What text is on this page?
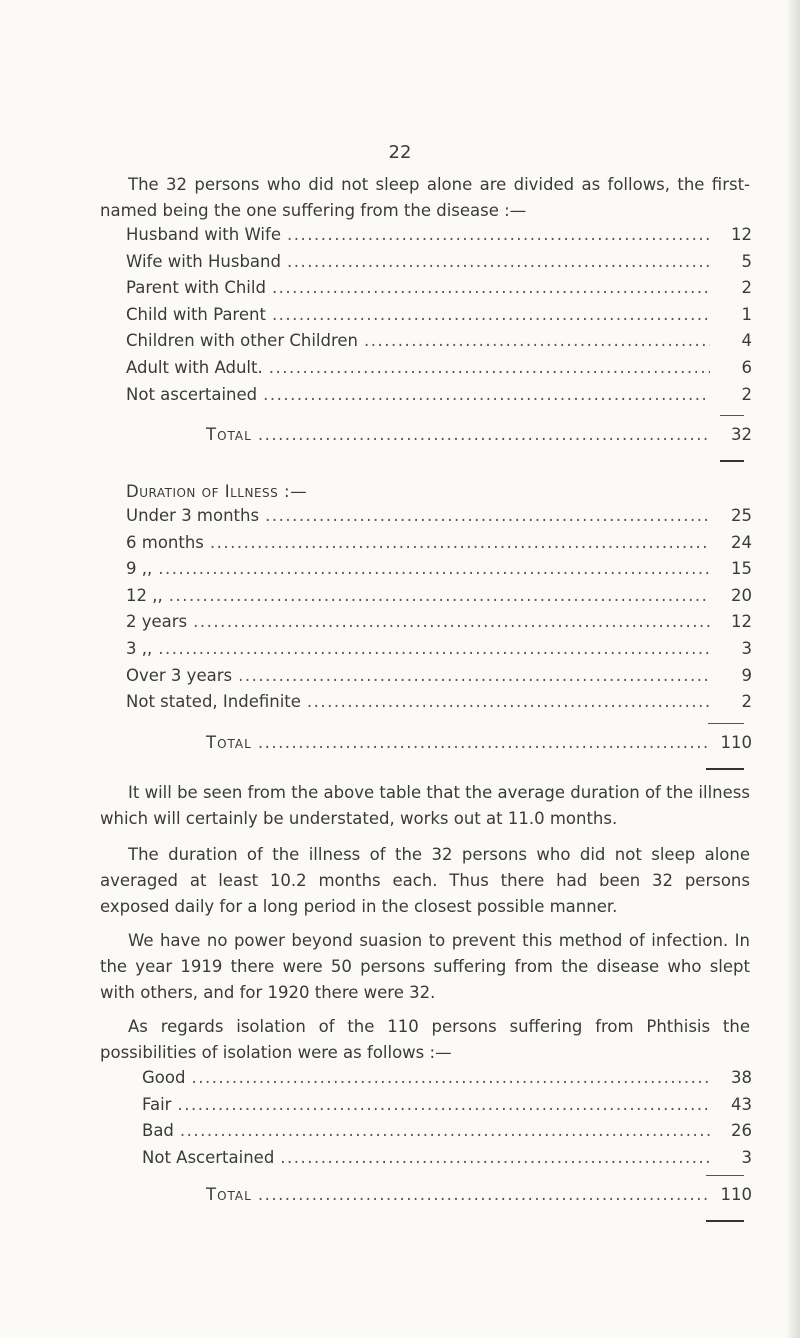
22

The 32 persons who did not sleep alone are divided as follows, the first-named being the one suffering from the disease :—

Husband with Wife .....	12
Wife with Husband .....	5
Parent with Child .....	2
Child with Parent .....	1
Children with other Children .....	4
Adult with Adult. .....	6
Not ascertained .....	2
Total .....	32
Duration of Illness :—
Under 3 months .....	25
6 months .....	24
9 ,, .....	15
12 ,, .....	20
2 years .....	12
3 ,, .....	3
Over 3 years .....	9
Not stated, Indefinite .....	2
Total .....	110

It will be seen from the above table that the average duration of the illness which will certainly be understated, works out at 11.0 months.

The duration of the illness of the 32 persons who did not sleep alone averaged at least 10.2 months each. Thus there had been 32 persons exposed daily for a long period in the closest possible manner.

We have no power beyond suasion to prevent this method of infection. In the year 1919 there were 50 persons suffering from the disease who slept with others, and for 1920 there were 32.

As regards isolation of the 110 persons suffering from Phthisis the possibilities of isolation were as follows :—

Good .....	38
Fair .....	43
Bad .....	26
Not Ascertained .....	3
Total .....	110
